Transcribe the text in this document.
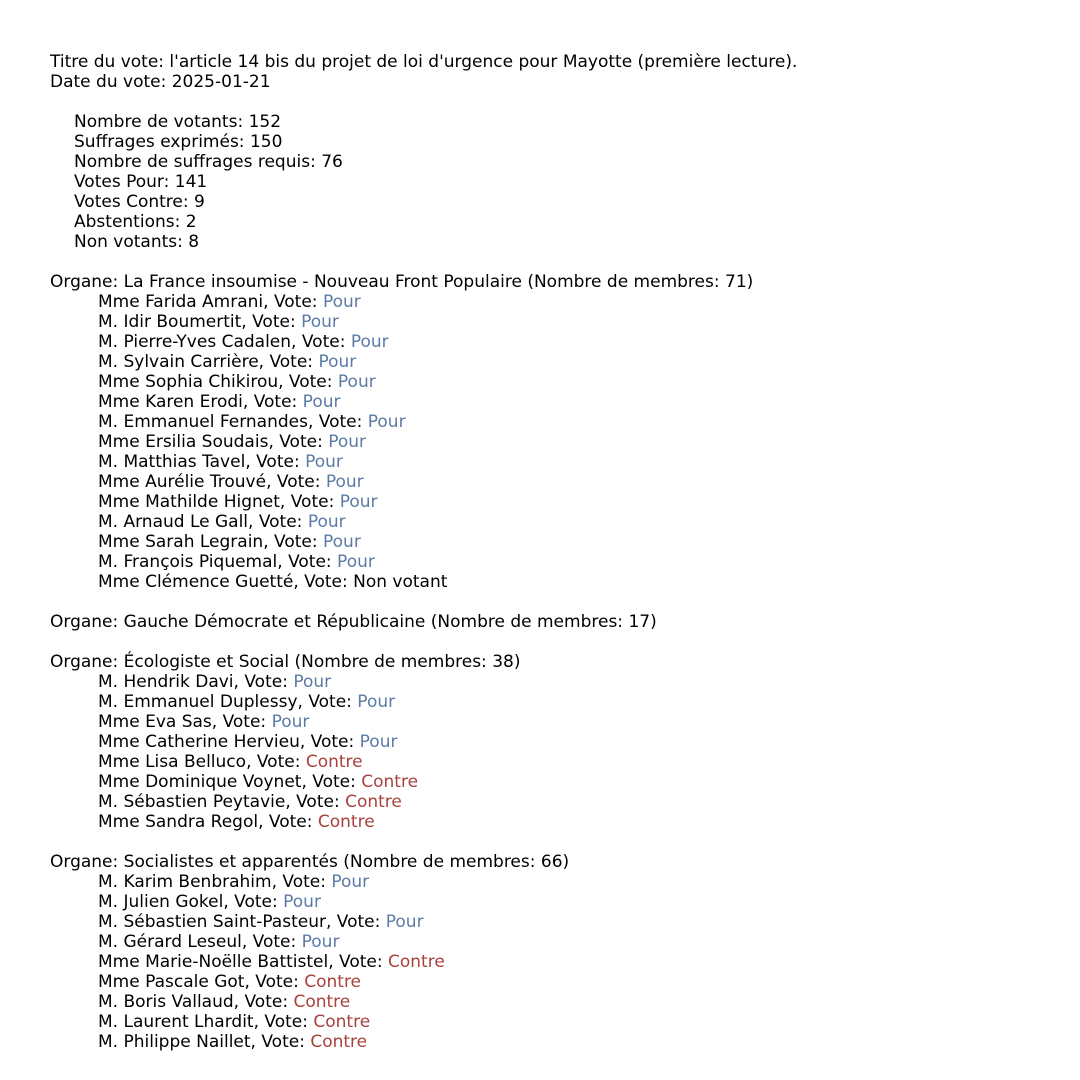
Titre du vote: l'article 14 bis du projet de loi d'urgence pour Mayotte (première lecture).
Date du vote: 2025-01-21
Nombre de votants: 152
Suffrages exprimés: 150
Nombre de suffrages requis: 76
Votes Pour: 141
Votes Contre: 9
Abstentions: 2
Non votants: 8
Organe: La France insoumise - Nouveau Front Populaire (Nombre de membres: 71)
Mme Farida Amrani, Vote: Pour
M. Idir Boumertit, Vote: Pour
M. Pierre-Yves Cadalen, Vote: Pour
M. Sylvain Carrière, Vote: Pour
Mme Sophia Chikirou, Vote: Pour
Mme Karen Erodi, Vote: Pour
M. Emmanuel Fernandes, Vote: Pour
Mme Ersilia Soudais, Vote: Pour
M. Matthias Tavel, Vote: Pour
Mme Aurélie Trouvé, Vote: Pour
Mme Mathilde Hignet, Vote: Pour
M. Arnaud Le Gall, Vote: Pour
Mme Sarah Legrain, Vote: Pour
M. François Piquemal, Vote: Pour
Mme Clémence Guetté, Vote: Non votant
Organe: Gauche Démocrate et Républicaine (Nombre de membres: 17)
Organe: Écologiste et Social (Nombre de membres: 38)
M. Hendrik Davi, Vote: Pour
M. Emmanuel Duplessy, Vote: Pour
Mme Eva Sas, Vote: Pour
Mme Catherine Hervieu, Vote: Pour
Mme Lisa Belluco, Vote: Contre
Mme Dominique Voynet, Vote: Contre
M. Sébastien Peytavie, Vote: Contre
Mme Sandra Regol, Vote: Contre
Organe: Socialistes et apparentés (Nombre de membres: 66)
M. Karim Benbrahim, Vote: Pour
M. Julien Gokel, Vote: Pour
M. Sébastien Saint-Pasteur, Vote: Pour
M. Gérard Leseul, Vote: Pour
Mme Marie-Noëlle Battistel, Vote: Contre
Mme Pascale Got, Vote: Contre
M. Boris Vallaud, Vote: Contre
M. Laurent Lhardit, Vote: Contre
M. Philippe Naillet, Vote: Contre
